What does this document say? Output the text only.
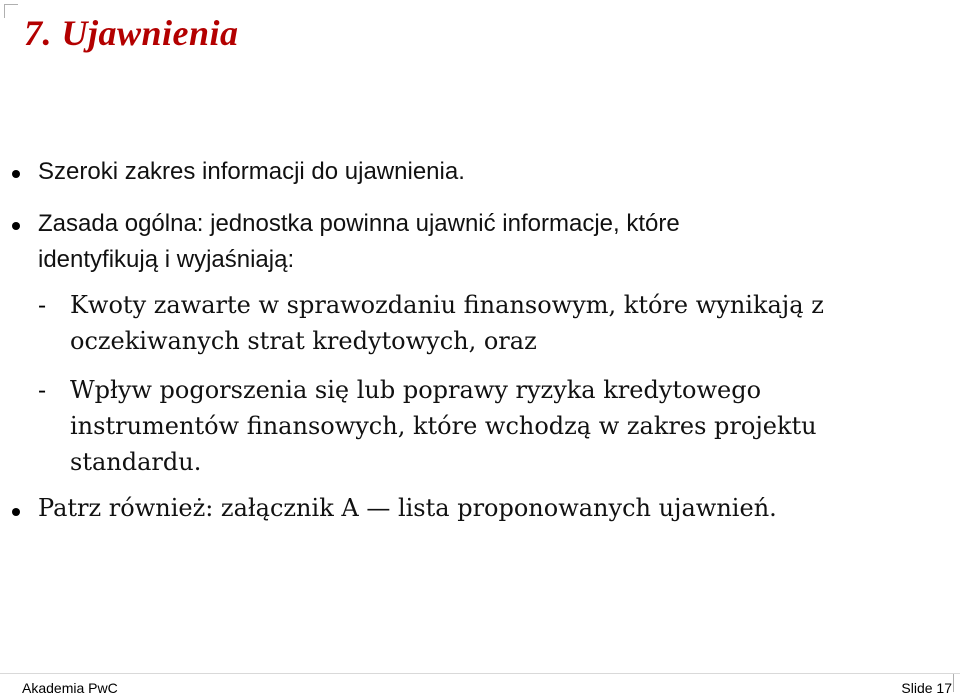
7. Ujawnienia
Szeroki zakres informacji do ujawnienia.
Zasada ogólna: jednostka powinna ujawnić informacje, które
identyfikują i wyjaśniają:
- Kwoty zawarte w sprawozdaniu finansowym, które wynikają z
oczekiwanych strat kredytowych, oraz
- Wpływ pogorszenia się lub poprawy ryzyka kredytowego
instrumentów finansowych, które wchodzą w zakres projektu
standardu.
Patrz również: załącznik A — lista proponowanych ujawnień.
Akademia PwC	Slide 17
